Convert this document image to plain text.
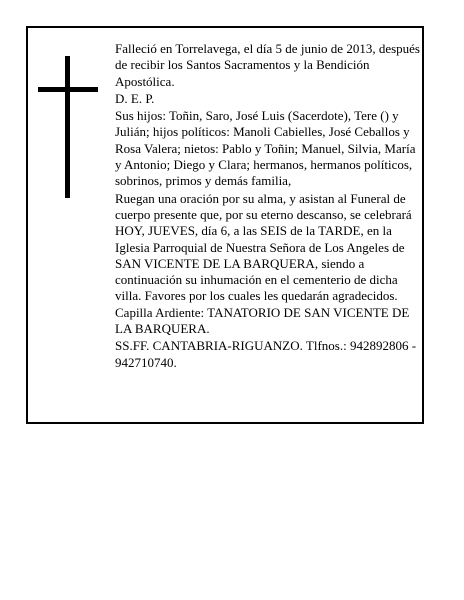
Falleció en Torrelavega, el día 5 de junio de 2013, después de recibir los Santos Sacramentos y la Bendición Apostólica.

D. E. P.

Sus hijos: Toñin, Saro, José Luis (Sacerdote), Tere () y Julián; hijos políticos: Manoli Cabielles, José Ceballos y Rosa Valera; nietos: Pablo y Toñin; Manuel, Silvia, María y Antonio; Diego y Clara; hermanos, hermanos políticos, sobrinos, primos y demás familia,

Ruegan una oración por su alma, y asistan al Funeral de cuerpo presente que, por su eterno descanso, se celebrará HOY, JUEVES, día 6, a las SEIS de la TARDE, en la Iglesia Parroquial de Nuestra Señora de Los Angeles de SAN VICENTE DE LA BARQUERA, siendo a continuación su inhumación en el cementerio de dicha villa. Favores por los cuales les quedarán agradecidos. Capilla Ardiente: TANATORIO DE SAN VICENTE DE LA BARQUERA.

SS.FF. CANTABRIA-RIGUANZO. Tlfnos.: 942892806 - 942710740.
